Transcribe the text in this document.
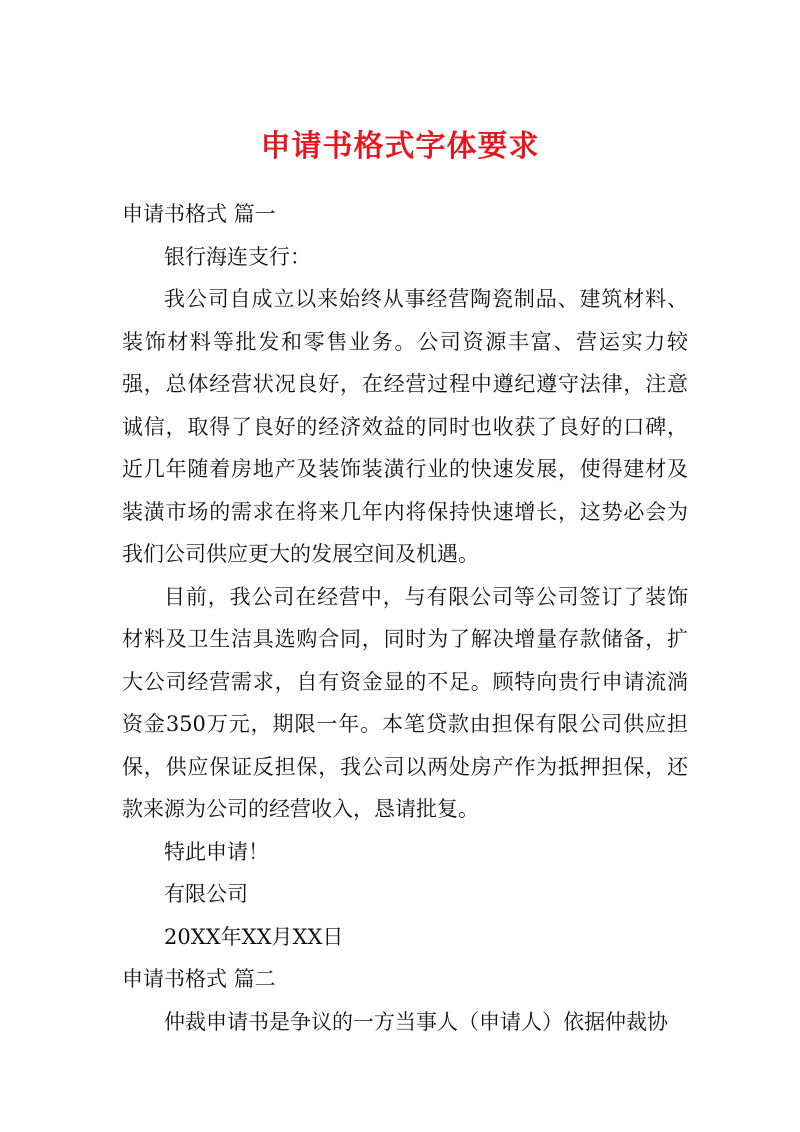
申请书格式字体要求

申请书格式 篇一

银行海连支行：

我公司自成立以来始终从事经营陶瓷制品、建筑材料、装饰材料等批发和零售业务。公司资源丰富、营运实力较强，总体经营状况良好，在经营过程中遵纪遵守法律，注意诚信，取得了良好的经济效益的同时也收获了良好的口碑，近几年随着房地产及装饰装潢行业的快速发展，使得建材及装潢市场的需求在将来几年内将保持快速增长，这势必会为我们公司供应更大的发展空间及机遇。

目前，我公司在经营中，与有限公司等公司签订了装饰材料及卫生洁具选购合同，同时为了解决增量存款储备，扩大公司经营需求，自有资金显的不足。顾特向贵行申请流淌资金350万元，期限一年。本笔贷款由担保有限公司供应担保，供应保证反担保，我公司以两处房产作为抵押担保，还款来源为公司的经营收入，恳请批复。

特此申请！

有限公司

20XX年XX月XX日

申请书格式 篇二

仲裁申请书是争议的一方当事人（申请人）依据仲裁协
